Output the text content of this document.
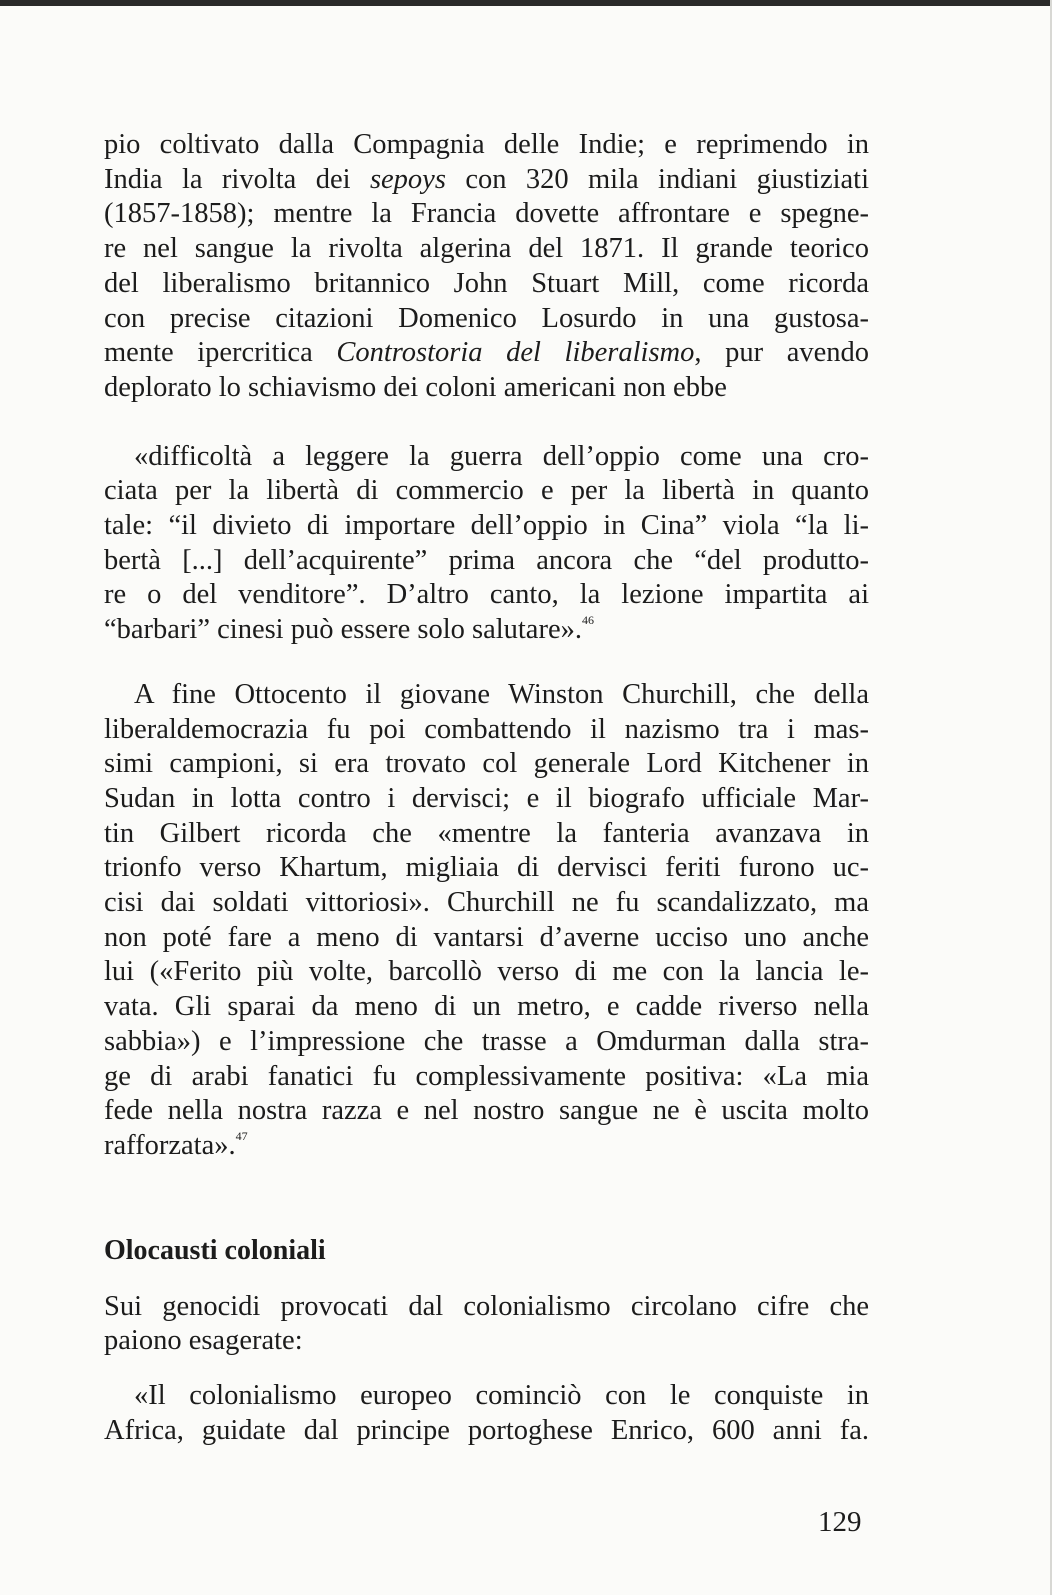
pio coltivato dalla Compagnia delle Indie; e reprimendo in
India la rivolta dei sepoys con 320 mila indiani giustiziati
(1857-1858); mentre la Francia dovette affrontare e spegne-
re nel sangue la rivolta algerina del 1871. Il grande teorico
del liberalismo britannico John Stuart Mill, come ricorda
con precise citazioni Domenico Losurdo in una gustosa-
mente ipercritica Controstoria del liberalismo, pur avendo
deplorato lo schiavismo dei coloni americani non ebbe

«difficoltà a leggere la guerra dell’oppio come una cro-
ciata per la libertà di commercio e per la libertà in quanto
tale: “il divieto di importare dell’oppio in Cina” viola “la li-
bertà [...] dell’acquirente” prima ancora che “del produtto-
re o del venditore”. D’altro canto, la lezione impartita ai
“barbari” cinesi può essere solo salutare».$^{46}$

A fine Ottocento il giovane Winston Churchill, che della
liberaldemocrazia fu poi combattendo il nazismo tra i mas-
simi campioni, si era trovato col generale Lord Kitchener in
Sudan in lotta contro i dervisci; e il biografo ufficiale Mar-
tin Gilbert ricorda che «mentre la fanteria avanzava in
trionfo verso Khartum, migliaia di dervisci feriti furono uc-
cisi dai soldati vittoriosi». Churchill ne fu scandalizzato, ma
non poté fare a meno di vantarsi d’averne ucciso uno anche
lui («Ferito più volte, barcollò verso di me con la lancia le-
vata. Gli sparai da meno di un metro, e cadde riverso nella
sabbia») e l’impressione che trasse a Omdurman dalla stra-
ge di arabi fanatici fu complessivamente positiva: «La mia
fede nella nostra razza e nel nostro sangue ne è uscita molto
rafforzata».$^{47}$

Olocausti coloniali

Sui genocidi provocati dal colonialismo circolano cifre che
paiono esagerate:

«Il colonialismo europeo cominciò con le conquiste in
Africa, guidate dal principe portoghese Enrico, 600 anni fa.

129
